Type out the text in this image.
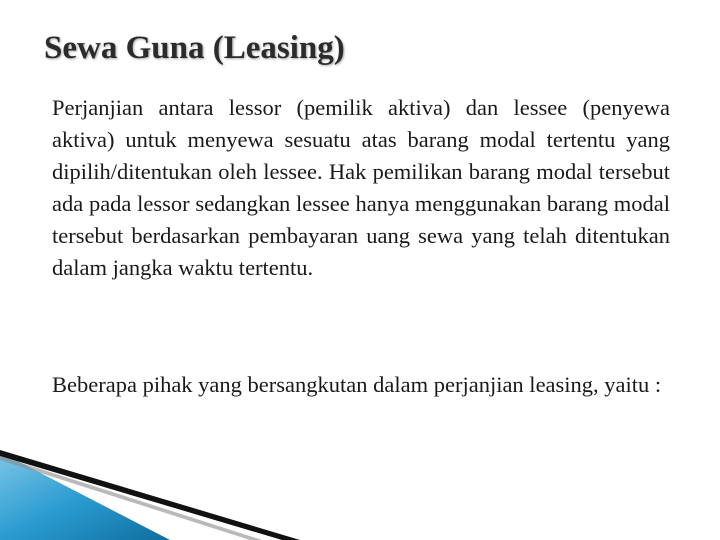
Sewa Guna (Leasing)

Perjanjian antara lessor (pemilik aktiva) dan lessee (penyewa aktiva) untuk menyewa sesuatu atas barang modal tertentu yang dipilih/ditentukan oleh lessee. Hak pemilikan barang modal tersebut ada pada lessor sedangkan lessee hanya menggunakan barang modal tersebut berdasarkan pembayaran uang sewa yang telah ditentukan dalam jangka waktu tertentu.

Beberapa pihak yang bersangkutan dalam perjanjian leasing, yaitu :
